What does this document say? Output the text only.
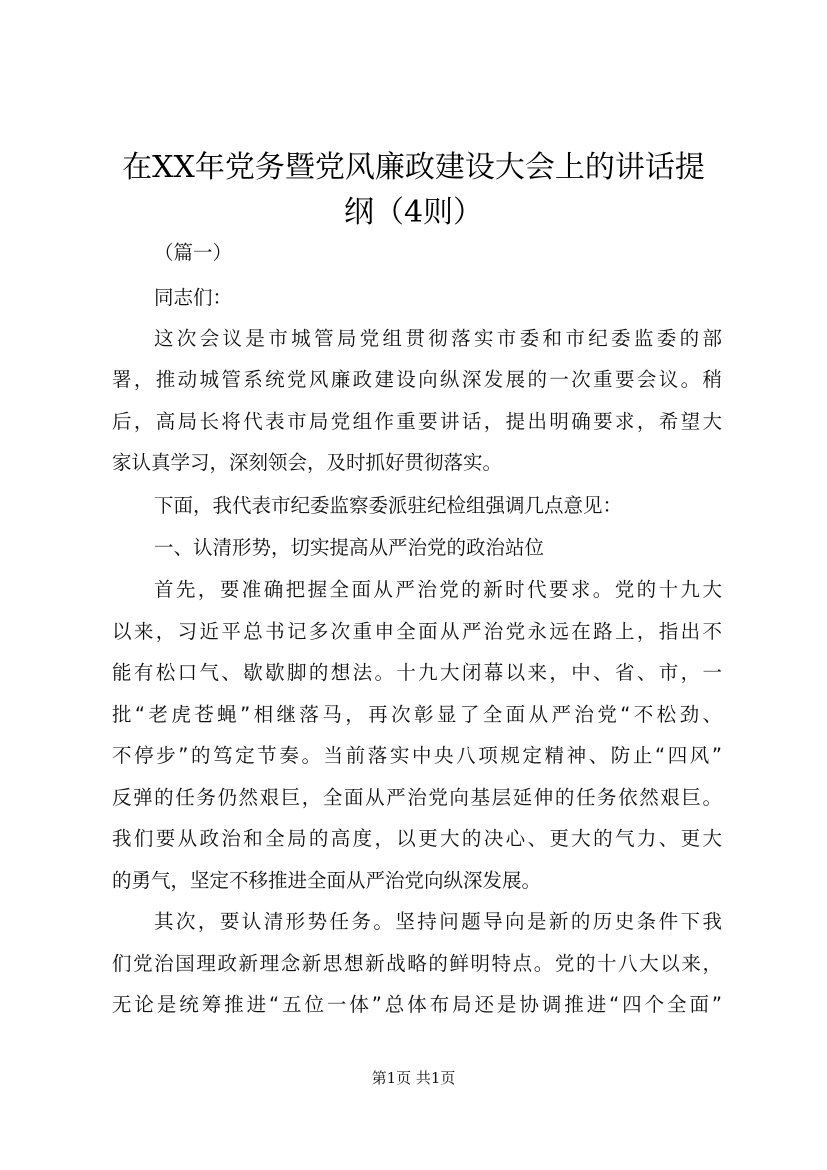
在XX年党务暨党风廉政建设大会上的讲话提
纲（4则）
（篇一）
同志们：
这次会议是市城管局党组贯彻落实市委和市纪委监委的部
署，推动城管系统党风廉政建设向纵深发展的一次重要会议。稍
后，高局长将代表市局党组作重要讲话，提出明确要求，希望大
家认真学习，深刻领会，及时抓好贯彻落实。
下面，我代表市纪委监察委派驻纪检组强调几点意见：
一、认清形势，切实提高从严治党的政治站位
首先，要准确把握全面从严治党的新时代要求。党的十九大
以来，习近平总书记多次重申全面从严治党永远在路上，指出不
能有松口气、歇歇脚的想法。十九大闭幕以来，中、省、市，一
批“老虎苍蝇”相继落马，再次彰显了全面从严治党“不松劲、
不停步”的笃定节奏。当前落实中央八项规定精神、防止“四风”
反弹的任务仍然艰巨，全面从严治党向基层延伸的任务依然艰巨。
我们要从政治和全局的高度，以更大的决心、更大的气力、更大
的勇气，坚定不移推进全面从严治党向纵深发展。
其次，要认清形势任务。坚持问题导向是新的历史条件下我
们党治国理政新理念新思想新战略的鲜明特点。党的十八大以来，
无论是统筹推进“五位一体”总体布局还是协调推进“四个全面”
第1页 共1页
